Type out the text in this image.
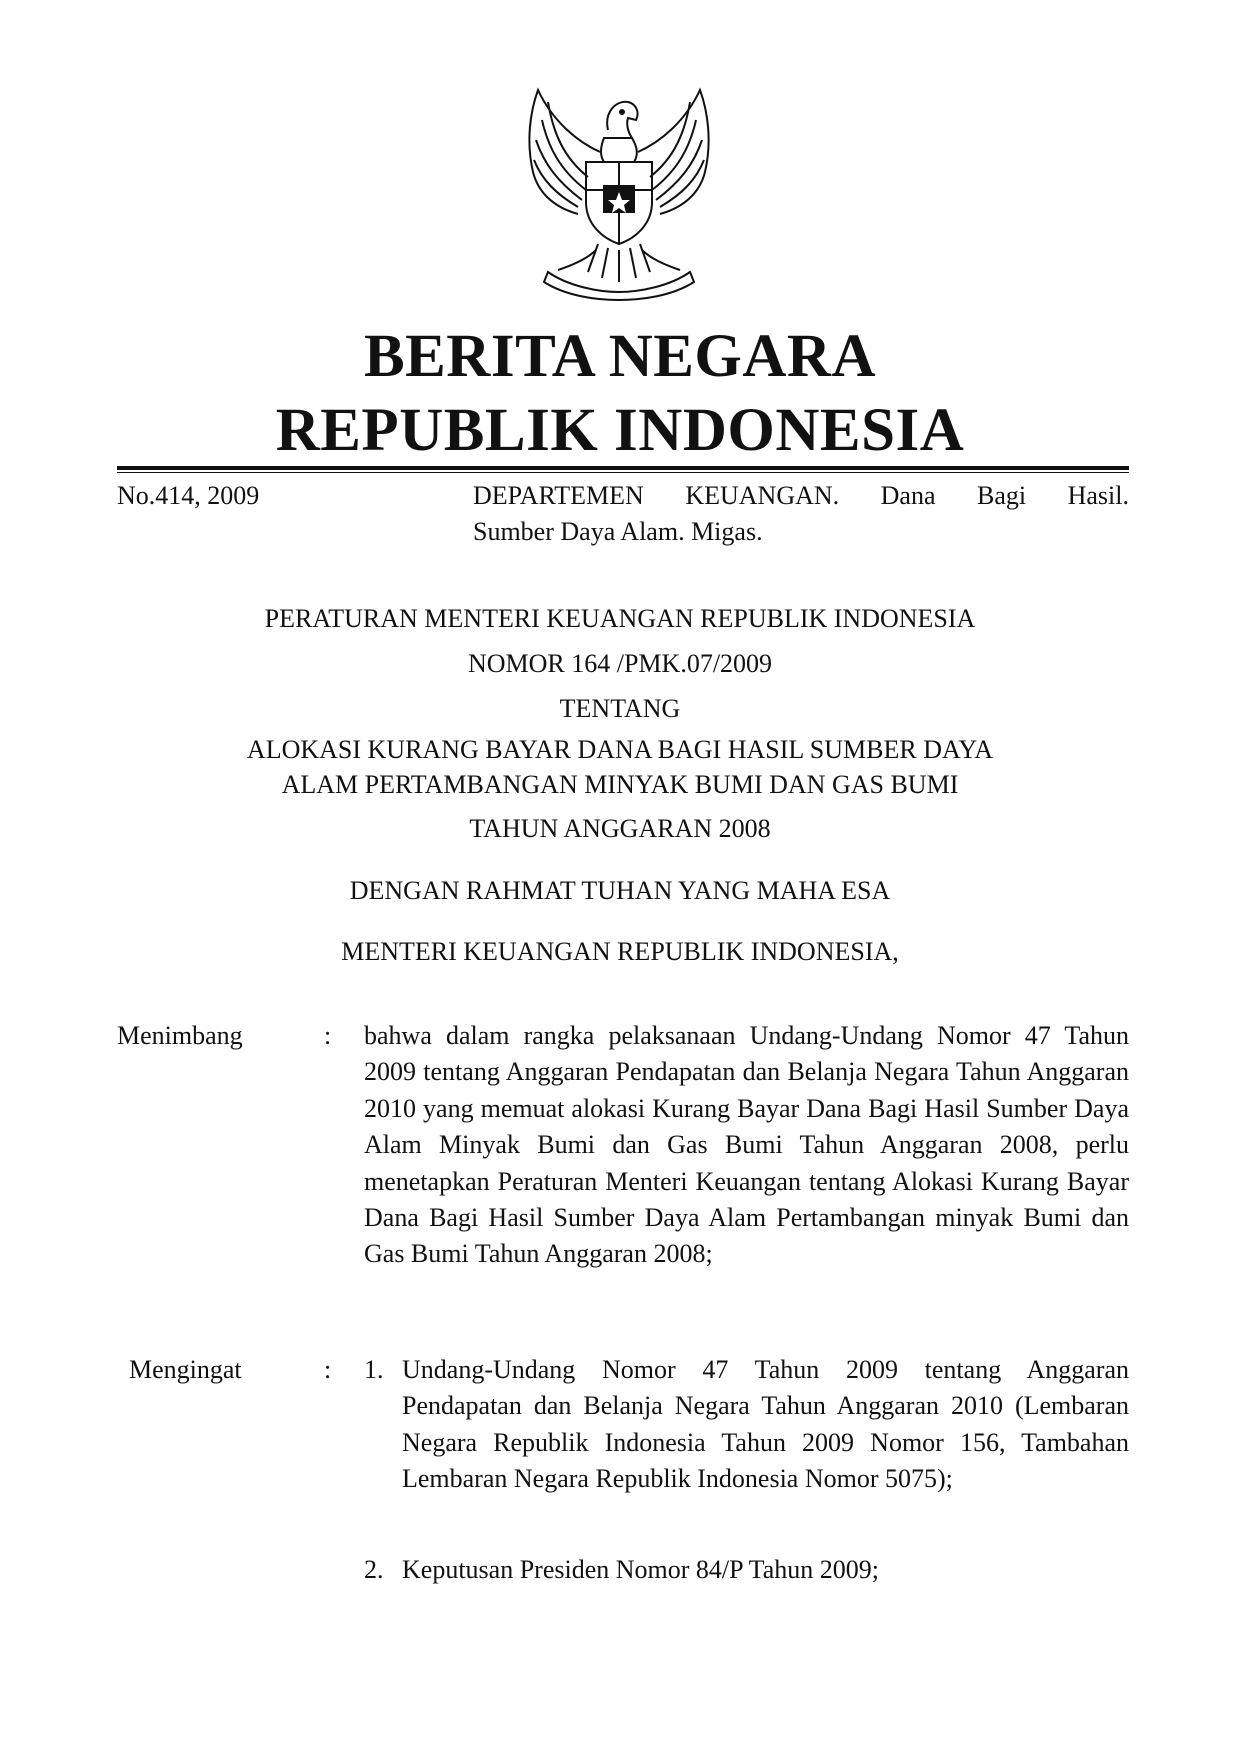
BERITA NEGARA
REPUBLIK INDONESIA
No.414, 2009	DEPARTEMEN KEUANGAN. Dana Bagi Hasil.
Sumber Daya Alam. Migas.
PERATURAN MENTERI KEUANGAN REPUBLIK INDONESIA
NOMOR 164 /PMK.07/2009
TENTANG
ALOKASI KURANG BAYAR DANA BAGI HASIL SUMBER DAYA
ALAM PERTAMBANGAN MINYAK BUMI DAN GAS BUMI
TAHUN ANGGARAN 2008
DENGAN RAHMAT TUHAN YANG MAHA ESA
MENTERI KEUANGAN REPUBLIK INDONESIA,
Menimbang	: bahwa dalam rangka pelaksanaan Undang-Undang Nomor 47 Tahun 2009 tentang Anggaran Pendapatan dan Belanja Negara Tahun Anggaran 2010 yang memuat alokasi Kurang Bayar Dana Bagi Hasil Sumber Daya Alam Minyak Bumi dan Gas Bumi Tahun Anggaran 2008, perlu menetapkan Peraturan Menteri Keuangan tentang Alokasi Kurang Bayar Dana Bagi Hasil Sumber Daya Alam Pertambangan minyak Bumi dan Gas Bumi Tahun Anggaran 2008;
Mengingat	: 1. Undang-Undang Nomor 47 Tahun 2009 tentang Anggaran Pendapatan dan Belanja Negara Tahun Anggaran 2010 (Lembaran Negara Republik Indonesia Tahun 2009 Nomor 156, Tambahan Lembaran Negara Republik Indonesia Nomor 5075);
2. Keputusan Presiden Nomor 84/P Tahun 2009;
